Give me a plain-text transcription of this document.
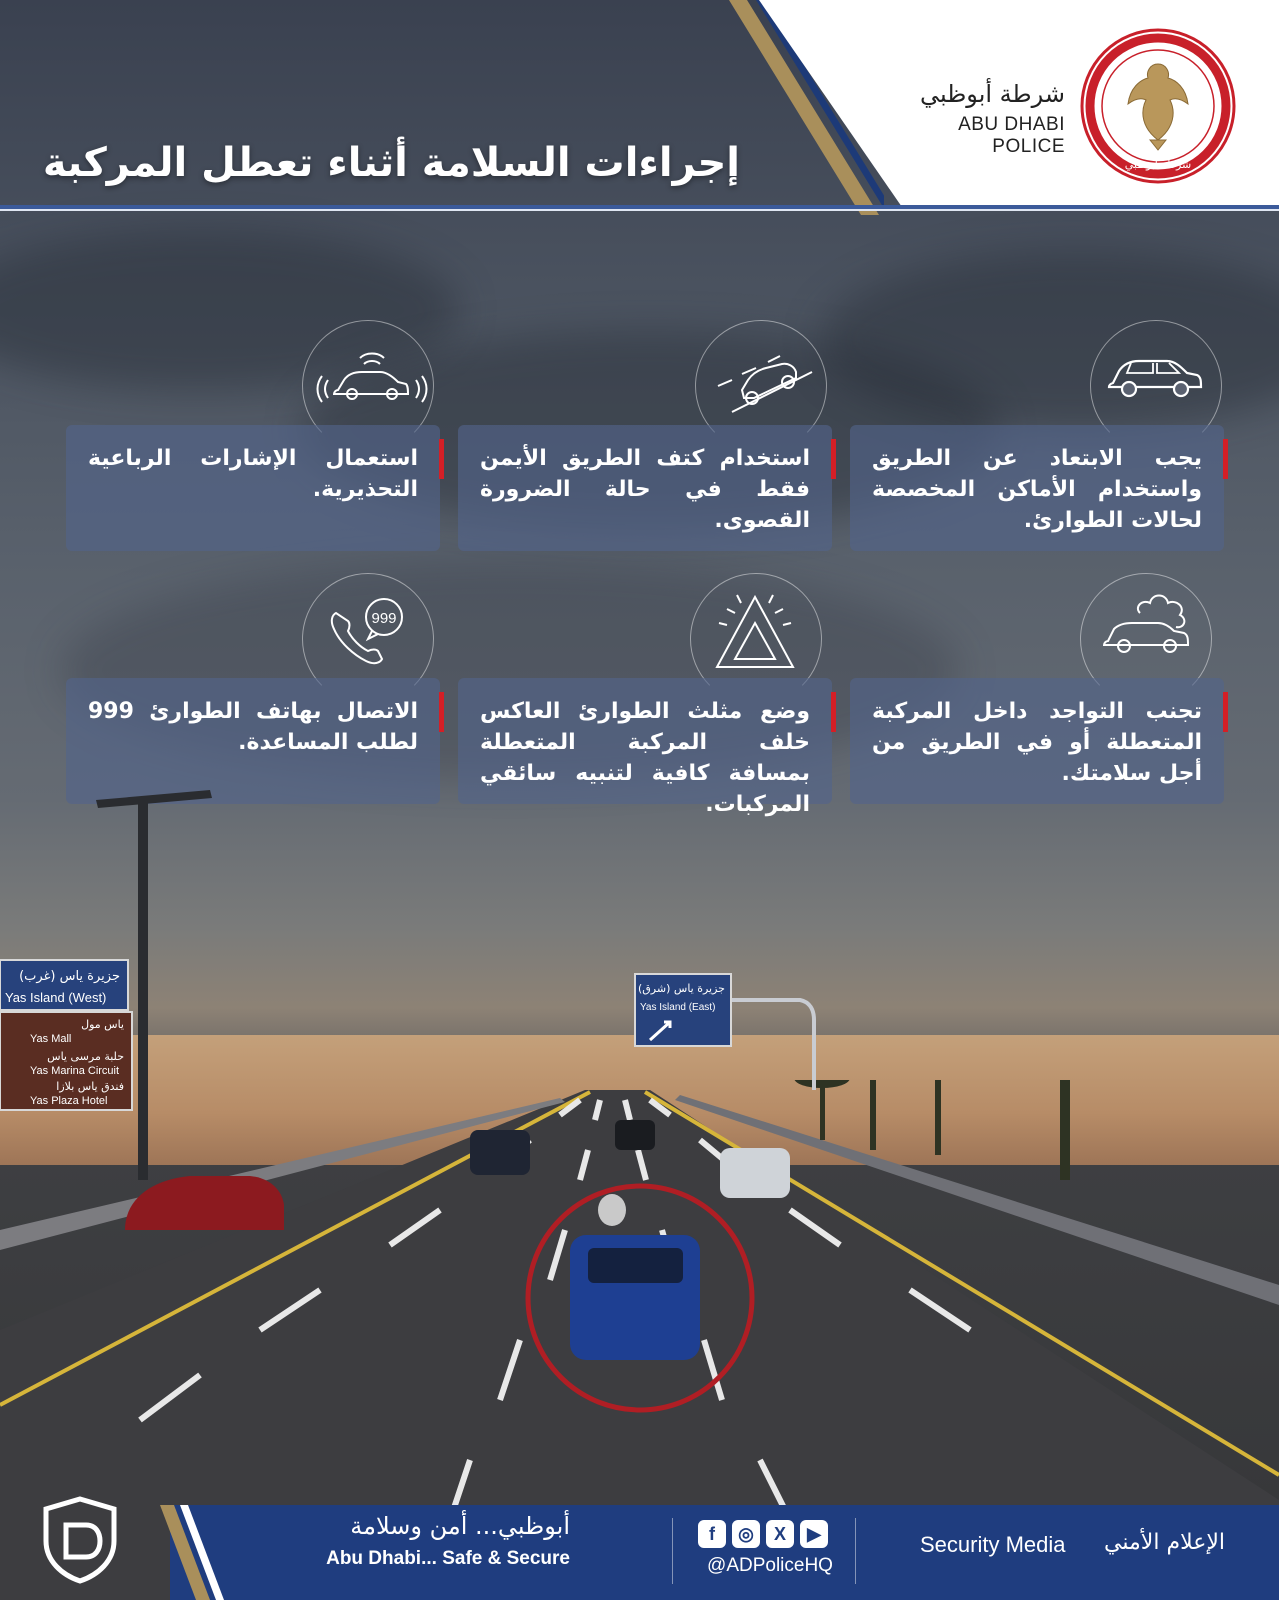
شرطة أبوظبي
ABU DHABI POLICE
شرطة أبوظبي
إجراءات السلامة أثناء تعطل المركبة
يجب الابتعاد عن الطريق واستخدام الأماكن المخصصة لحالات الطوارئ.
استخدام كتف الطريق الأيمن فقط في حالة الضرورة القصوى.
استعمال الإشارات الرباعية التحذيرية.
999
تجنب التواجد داخل المركبة المتعطلة أو في الطريق من أجل سلامتك.
وضع مثلث الطوارئ العاكس خلف المركبة المتعطلة بمسافة كافية لتنبيه سائقي المركبات.
الاتصال بهاتف الطوارئ 999 لطلب المساعدة.
جزيرة ياس (غرب)
Yas Island (West)
ياس مول
Yas Mall
حلبة مرسى ياس
Yas Marina Circuit
فندق ياس بلازا
Yas Plaza Hotel
جزيرة ياس (شرق)
Yas Island (East)
أبوظبي... أمن وسلامة
Abu Dhabi... Safe & Secure
f	◎	X	▶
@ADPoliceHQ
Security Media	الإعلام الأمني
